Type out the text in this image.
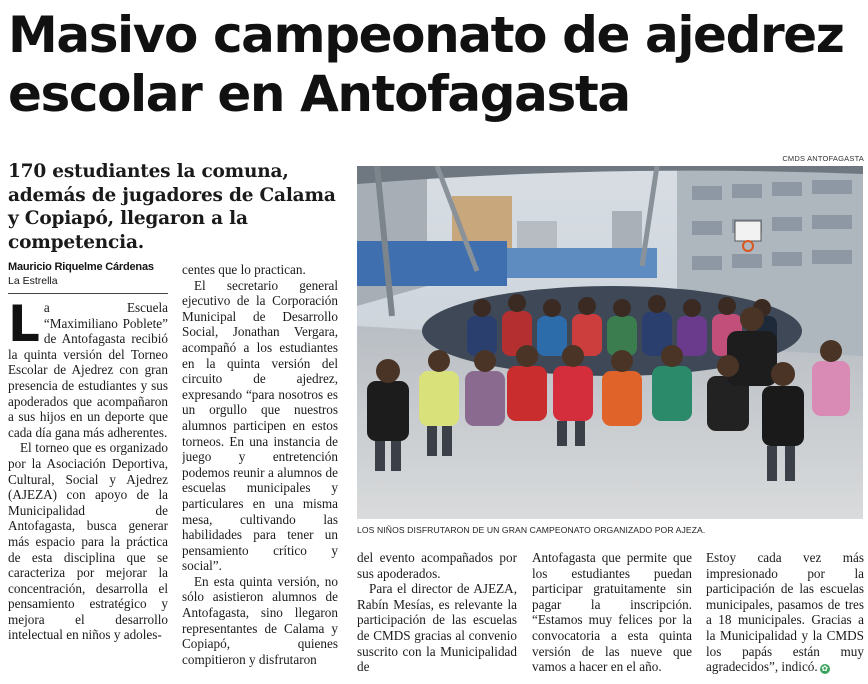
Masivo campeonato de ajedrez
escolar en Antofagasta

170 estudiantes la comuna, además de jugadores de Calama y Copiapó, llegaron a la competencia.

Mauricio Riquelme Cárdenas
La Estrella

La Escuela “Maximiliano Poblete” de Antofagasta recibió la quinta versión del Torneo Escolar de Ajedrez con gran presencia de estudiantes y sus apoderados que acompañaron a sus hijos en un deporte que cada día gana más adherentes.

El torneo que es organizado por la Asociación Deportiva, Cultural, Social y Ajedrez (AJEZA) con apoyo de la Municipalidad de Antofagasta, busca generar más espacio para la práctica de esta disciplina que se caracteriza por mejorar la concentración, desarrolla el pensamiento estratégico y mejora el desarrollo intelectual en niños y adoles-

centes que lo practican.

El secretario general ejecutivo de la Corporación Municipal de Desarrollo Social, Jonathan Vergara, acompañó a los estudiantes en la quinta versión del circuito de ajedrez, expresando “para nosotros es un orgullo que nuestros alumnos participen en estos torneos. En una instancia de juego y entretención podemos reunir a alumnos de escuelas municipales y particulares en una misma mesa, cultivando las habilidades para tener un pensamiento crítico y social”.

En esta quinta versión, no sólo asistieron alumnos de Antofagasta, sino llegaron representantes de Calama y Copiapó, quienes compitieron y disfrutaron

CMDS ANTOFAGASTA
LOS NIÑOS DISFRUTARON DE UN GRAN CAMPEONATO ORGANIZADO POR AJEZA.

del evento acompañados por sus apoderados.

Para el director de AJEZA, Rabín Mesías, es relevante la participación de las escuelas de CMDS gracias al convenio suscrito con la Municipalidad de

Antofagasta que permite que los estudiantes puedan participar gratuitamente sin pagar la inscripción. “Estamos muy felices por la convocatoria a esta quinta versión de las nueve que vamos a hacer en el año.

Estoy cada vez más impresionado por la participación de las escuelas municipales, pasamos de tres a 18 municipales. Gracias a la Municipalidad y la CMDS los papás están muy agradecidos”, indicó. ✿
